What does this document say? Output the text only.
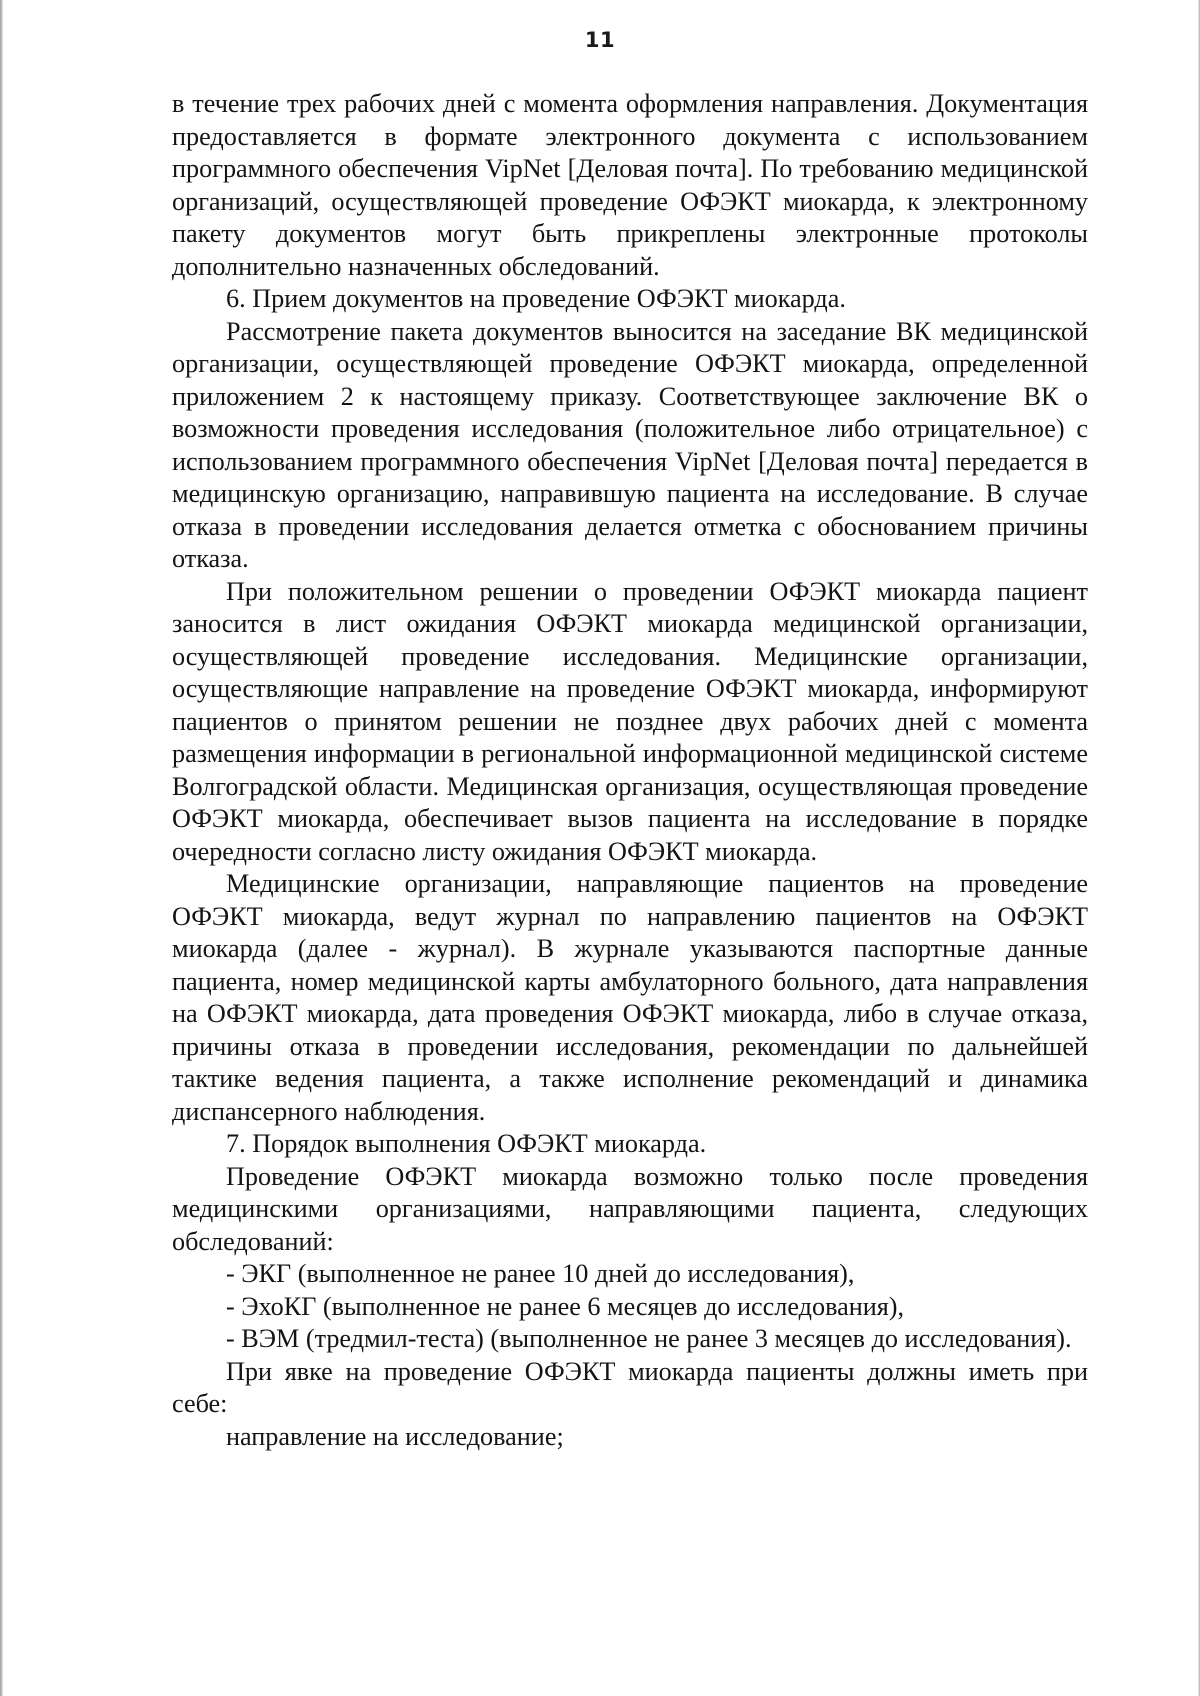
11

в течение трех рабочих дней с момента оформления направления. Документация предоставляется в формате электронного документа с использованием программного обеспечения VipNet [Деловая почта]. По требованию медицинской организаций, осуществляющей проведение ОФЭКТ миокарда, к электронному пакету документов могут быть прикреплены электронные протоколы дополнительно назначенных обследований.

6. Прием документов на проведение ОФЭКТ миокарда.

Рассмотрение пакета документов выносится на заседание ВК медицинской организации, осуществляющей проведение ОФЭКТ миокарда, определенной приложением 2 к настоящему приказу. Соответствующее заключение ВК о возможности проведения исследования (положительное либо отрицательное) с использованием программного обеспечения VipNet [Деловая почта] передается в медицинскую организацию, направившую пациента на исследование. В случае отказа в проведении исследования делается отметка с обоснованием причины отказа.

При положительном решении о проведении ОФЭКТ миокарда пациент заносится в лист ожидания ОФЭКТ миокарда медицинской организации, осуществляющей проведение исследования. Медицинские организации, осуществляющие направление на проведение ОФЭКТ миокарда, информируют пациентов о принятом решении не позднее двух рабочих дней с момента размещения информации в региональной информационной медицинской системе Волгоградской области. Медицинская организация, осуществляющая проведение ОФЭКТ миокарда, обеспечивает вызов пациента на исследование в порядке очередности согласно листу ожидания ОФЭКТ миокарда.

Медицинские организации, направляющие пациентов на проведение ОФЭКТ миокарда, ведут журнал по направлению пациентов на ОФЭКТ миокарда (далее - журнал). В журнале указываются паспортные данные пациента, номер медицинской карты амбулаторного больного, дата направления на ОФЭКТ миокарда, дата проведения ОФЭКТ миокарда, либо в случае отказа, причины отказа в проведении исследования, рекомендации по дальнейшей тактике ведения пациента, а также исполнение рекомендаций и динамика диспансерного наблюдения.

7. Порядок выполнения ОФЭКТ миокарда.

Проведение ОФЭКТ миокарда возможно только после проведения медицинскими организациями, направляющими пациента, следующих обследований:

- ЭКГ (выполненное не ранее 10 дней до исследования),

- ЭхоКГ (выполненное не ранее 6 месяцев до исследования),

- ВЭМ (тредмил-теста) (выполненное не ранее 3 месяцев до исследования).

При явке на проведение ОФЭКТ миокарда пациенты должны иметь при себе:

направление на исследование;
